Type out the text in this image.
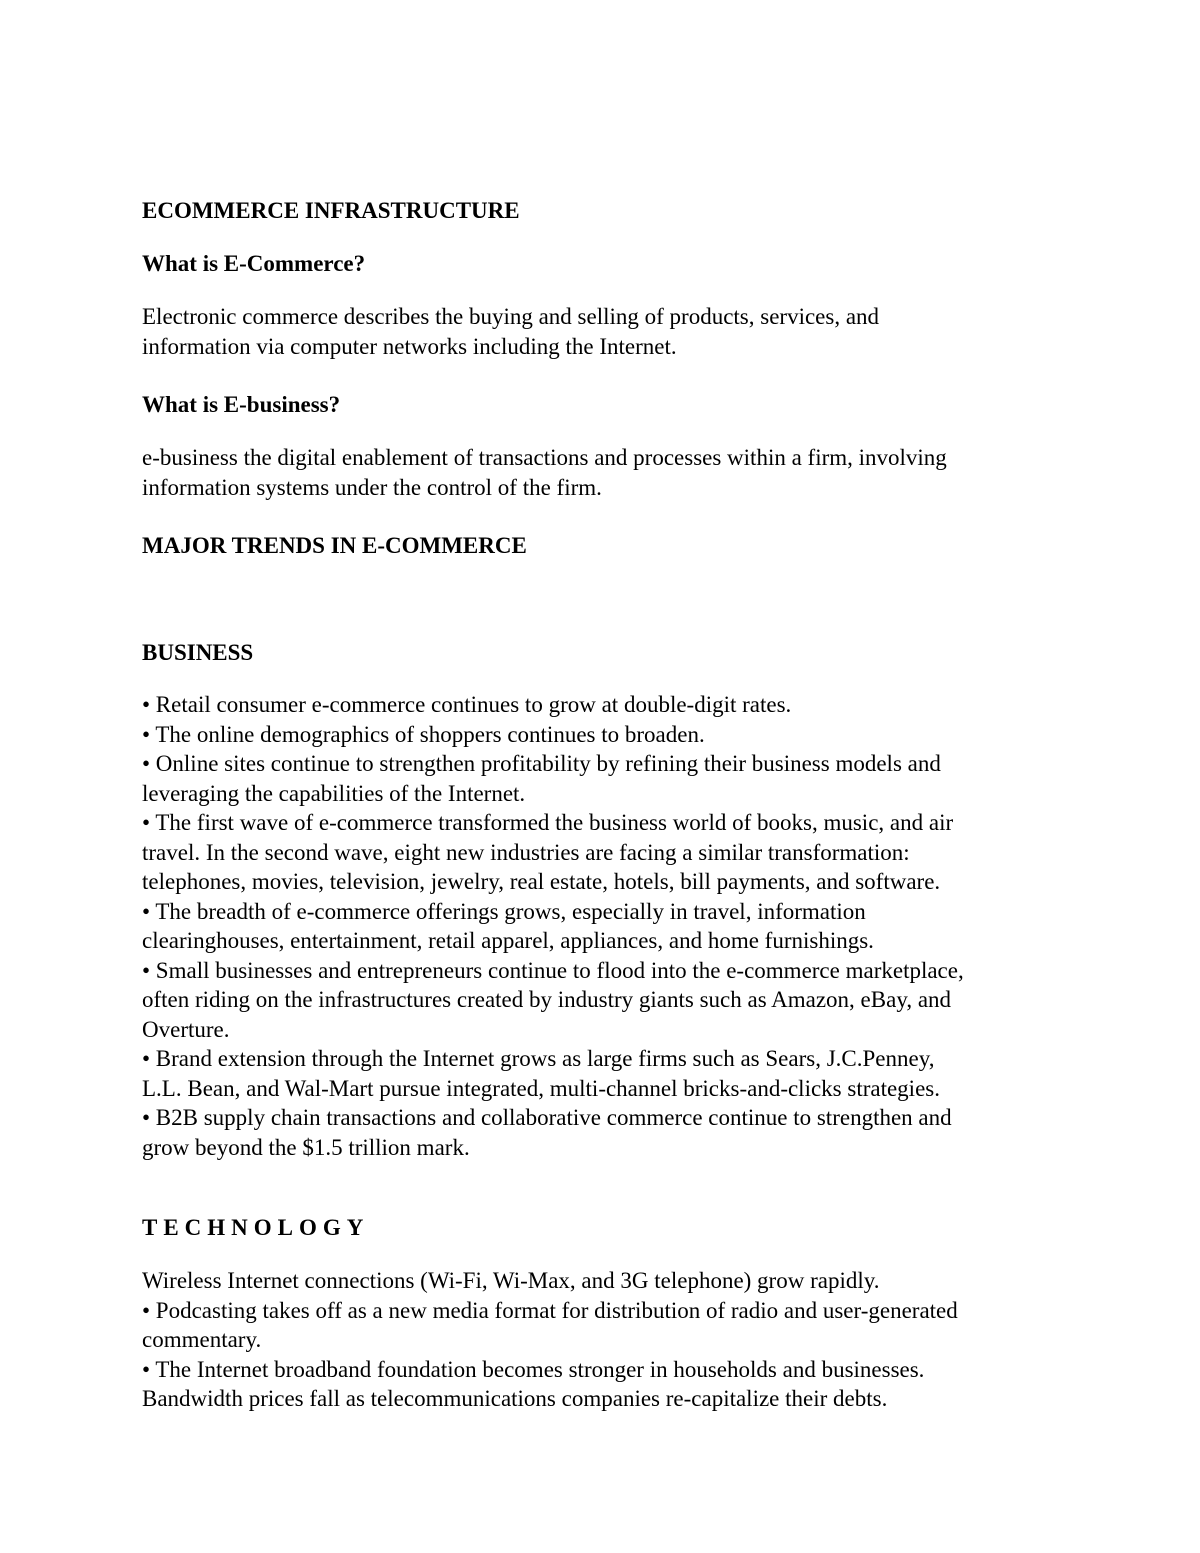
ECOMMERCE INFRASTRUCTURE
What is E-Commerce?
Electronic commerce describes the buying and selling of products, services, and
information via computer networks including the Internet.
What is E-business?
e-business the digital enablement of transactions and processes within a firm, involving
information systems under the control of the firm.
MAJOR TRENDS IN E-COMMERCE
BUSINESS
• Retail consumer e-commerce continues to grow at double-digit rates.
• The online demographics of shoppers continues to broaden.
• Online sites continue to strengthen profitability by refining their business models and
leveraging the capabilities of the Internet.
• The first wave of e-commerce transformed the business world of books, music, and air
travel. In the second wave, eight new industries are facing a similar transformation:
telephones, movies, television, jewelry, real estate, hotels, bill payments, and software.
• The breadth of e-commerce offerings grows, especially in travel, information
clearinghouses, entertainment, retail apparel, appliances, and home furnishings.
• Small businesses and entrepreneurs continue to flood into the e-commerce marketplace,
often riding on the infrastructures created by industry giants such as Amazon, eBay, and
Overture.
• Brand extension through the Internet grows as large firms such as Sears, J.C.Penney,
L.L. Bean, and Wal-Mart pursue integrated, multi-channel bricks-and-clicks strategies.
• B2B supply chain transactions and collaborative commerce continue to strengthen and
grow beyond the $1.5 trillion mark.
TECHNOLOGY
Wireless Internet connections (Wi-Fi, Wi-Max, and 3G telephone) grow rapidly.
• Podcasting takes off as a new media format for distribution of radio and user-generated
commentary.
• The Internet broadband foundation becomes stronger in households and businesses.
Bandwidth prices fall as telecommunications companies re-capitalize their debts.
